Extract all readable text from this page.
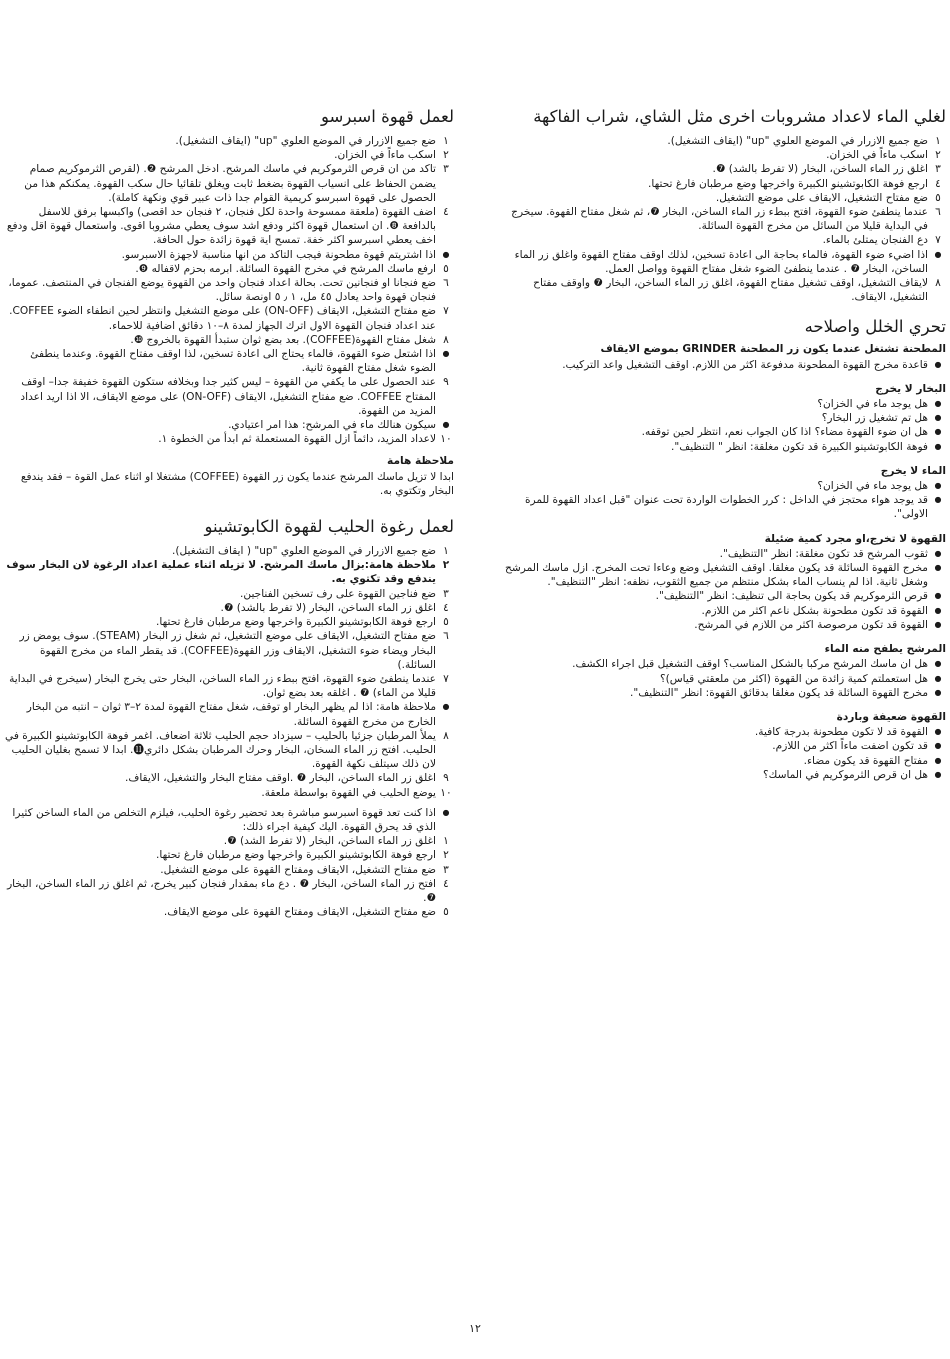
لغلي الماء لاعداد مشروبات اخرى مثل الشاي، شراب الفاكهة
١
ضع جميع الازرار في الموضع العلوي "up" (ايقاف التشغيل).
٢
اسكب ماءاً في الخزان.
٣
اغلق زر الماء الساخن، البخار (لا تفرط بالشد) ❼.
٤
ارجع فوهة الكابوتشينو الكبيرة واخرجها وضع مرطبان فارغ تحتها.
٥
ضع مفتاح التشغيل، الايقاف على موضع التشغيل.
٦
عندما ينطفئ ضوء القهوة، افتح ببطء زر الماء الساخن، البخار ❼، ثم شغل مفتاح القهوة. سيخرج في البداية قليلا من السائل من مخرج القهوة السائلة.
٧
دع الفنجان يمتلئ بالماء.
●
اذا اضيء ضوء القهوة، فالماء بحاجة الى اعادة تسخين، لذلك اوقف مفتاح القهوة واغلق زر الماء الساخن، البخار ❼ . عندما ينطفئ الضوء شغل مفتاح القهوة وواصل العمل.
٨
لايقاف التشغيل، اوقف تشغيل مفتاح القهوة، اغلق زر الماء الساخن، البخار ❼ واوقف مفتاح التشغيل، الايقاف.
تحري الخلل واصلاحه
المطحنة تشتغل عندما يكون زر المطحنة GRINDER بموضع الايقاف
●
قاعدة مخرج القهوة المطحونة مدفوعة اكثر من اللازم. اوقف التشغيل واعد التركيب.
البخار لا يخرج
●
هل يوجد ماء في الخزان؟
●
هل تم تشغيل زر البخار؟
●
هل ان ضوء القهوة مضاء؟ اذا كان الجواب نعم، انتظر لحين توقفه.
●
فوهة الكابوتشينو الكبيرة قد تكون مغلقة: انظر " التنظيف".
الماء لا يخرج
●
هل يوجد ماء في الخزان؟
●
قد يوجد هواء محتجز في الداخل : كرر الخطوات الواردة تحت عنوان "قبل اعداد القهوة للمرة الاولى".
القهوة لا تخرج،او مجرد كمية ضئيلة
●
ثقوب المرشح قد تكون مغلقة: انظر "التنظيف".
●
مخرج القهوة السائلة قد يكون مغلقا. اوقف التشغيل وضع وعاءا تحت المخرج. ازل ماسك المرشح وشغل ثانية. اذا لم ينساب الماء بشكل منتظم من جميع الثقوب، نظفه: انظر "التنظيف".
●
قرص الثرموكريم قد يكون بحاجة الى تنظيف: انظر "التنظيف".
●
القهوة قد تكون مطحونة بشكل ناعم اكثر من اللازم.
●
القهوة قد تكون مرصوصة اكثر من اللازم في المرشح.
المرشح يطفح منه الماء
●
هل ان ماسك المرشح مركبا بالشكل المناسب؟ اوقف التشغيل قبل اجراء الكشف.
●
هل استعملتم كمية زائدة من القهوة (اكثر من ملعقتي قياس)؟
●
مخرج القهوة السائلة قد يكون مغلقا بدقائق القهوة: انظر "التنظيف".
القهوة ضعيفة وباردة
●
القهوة قد لا تكون مطحونة بدرجة كافية.
●
قد تكون اضفت ماءاً اكثر من اللازم.
●
مفتاح القهوة قد يكون مضاء.
●
هل ان قرص الثرموكريم في الماسك؟
لعمل قهوة اسبرسو
١
ضع جميع الازرار في الموضع العلوي "up" (ايقاف التشغيل).
٢
اسكب ماءاً في الخزان.
٣
تاكد من ان قرص الثرموكريم في ماسك المرشح. ادخل المرشح ❷. (لقرص الثرموكريم صمام يضمن الحفاظ على انسياب القهوة بضغط ثابت ويغلق تلقائيا حال سكب القهوة. يمكنكم هذا من الحصول على قهوة اسبرسو كريمية القوام جدا ذات عبير قوي ونكهة كاملة).
٤
اضف القهوة (ملعقة ممسوحة واحدة لكل فنجان، ٢ فنجان حد اقصى) واكبسها برفق للاسفل بالدافعة ❽. ان استعمال قهوة اكثر ودفع اشد سوف يعطي مشروبا اقوى. واستعمال قهوة اقل ودفع اخف يعطي اسبرسو اكثر خفة. تمسح اية قهوة زائدة حول الحافة.
●
اذا اشتريتم قهوة مطحونة فيجب التاكد من انها مناسبة لاجهزة الاسبرسو.
٥
ارفع ماسك المرشح في مخرج القهوة السائلة. ابرمه بحزم لاقفاله ❾.
٦
ضع فنجانا او فنجانين تحت. بحالة اعداد فنجان واحد من القهوة يوضع الفنجان في المنتصف. عموما، فنجان قهوة واحد يعادل ٤٥ مل، ١ ٫ ٥ اونصة سائل.
٧
ضع مفتاح التشغيل، الايقاف (ON-OFF) على موضع التشغيل وانتظر لحين انطفاء الضوء COFFEE. عند اعداد فنجان القهوة الاول اترك الجهاز لمدة ٨–١٠ دقائق اضافية للاحماء.
٨
شغل مفتاح القهوة(COFFEE). بعد بضع ثوان ستبدأ القهوة بالخروج ❿.
●
اذا اشتعل ضوء القهوة، فالماء يحتاج الى اعادة تسخين، لذا اوقف مفتاح القهوة. وعندما ينطفئ الضوء شغل مفتاح القهوة ثانية.
٩
عند الحصول على ما يكفي من القهوة – ليس كثير جدا وبخلافه ستكون القهوة خفيفة جدا– اوقف المفتاح COFFEE. ضع مفتاح التشغيل، الايقاف (ON-OFF) على موضع الايقاف، الا اذا اريد اعداد المزيد من القهوة.
●
سيكون هنالك ماء في المرشح: هذا امر اعتيادي.
١٠
لاعداد المزيد، دائماً ازل القهوة المستعملة ثم ابدأ من الخطوة ١.
ملاحظة هامة

ابدا لا تزيل ماسك المرشح عندما يكون زر القهوة (COFFEE) مشتغلا او اثناء عمل القوة – فقد يندفع البخار وتكتوي به.

لعمل رغوة الحليب لقهوة الكابوتشينو
١
ضع جميع الازرار في الموضع العلوي "up" ( ايقاف التشغيل).
٢
ملاحظة هامة:بزال ماسك المرشح. لا تزيله اثناء عملية اعداد الرغوة لان البخار سوف يندفع وقد تكتوي به.
٣
ضع فناجين القهوة على رف تسخين الفناجين.
٤
اغلق زر الماء الساخن، البخار (لا تفرط بالشد) ❼.
٥
ارجع فوهة الكابوتشينو الكبيرة واخرجها وضع مرطبان فارغ تحتها.
٦
ضع مفتاح التشغيل، الايقاف على موضع التشغيل، ثم شغل زر البخار (STEAM). سوف يومض زر البخار ويضاء ضوء التشغيل، الايقاف وزر القهوة(COFFEE). قد يقطر الماء من مخرج القهوة السائلة.)
٧
عندما ينطفئ ضوء القهوة، افتح ببطء زر الماء الساخن، البخار حتى يخرج البخار (سيخرج في البداية قليلا من الماء) ❼ . اغلقه بعد بضع ثوان.
●
ملاحظة هامة: اذا لم يظهر البخار او توقف، شغل مفتاح القهوة لمدة ٢–٣ ثوان – انتبه من البخار الخارج من مخرج القهوة السائلة.
٨
يملأ المرطبان جزئيا بالحليب – سيزداد حجم الحليب ثلاثة اضعاف. اغمر فوهة الكابوتشينو الكبيرة في الحليب. افتح زر الماء السخان، البخار وحرك المرطبان بشكل دائري⓫. ابدا لا تسمح بغليان الحليب لان ذلك سيتلف نكهة القهوة.
٩
اغلق زر الماء الساخن، البخار ❼ .اوقف مفتاح البخار والتشغيل، الايقاف.
١٠
يوضع الحليب في القهوة بواسطة ملعقة.
●
اذا كنت تعد قهوة اسبرسو مباشرة بعد تحضير رغوة الحليب، فيلزم التخلص من الماء الساخن كثيرا الذي قد يحرق القهوة. اليك كيفية اجراء ذلك:
١
اغلق زر الماء الساخن، البخار (لا تفرط الشد) ❼.
٢
ارجع فوهة الكابوتشينو الكبيرة واخرجها وضع مرطبان فارغ تحتها.
٣
ضع مفتاح التشغيل، الايقاف ومفتاح القهوة على موضع التشغيل.
٤
افتح زر الماء الساخن، البخار ❼ . دع ماء بمقدار فنجان كبير يخرج، ثم اغلق زر الماء الساخن، البخار ❼.
٥
ضع مفتاح التشغيل، الايقاف ومفتاح القهوة على موضع الايقاف.
١٢
